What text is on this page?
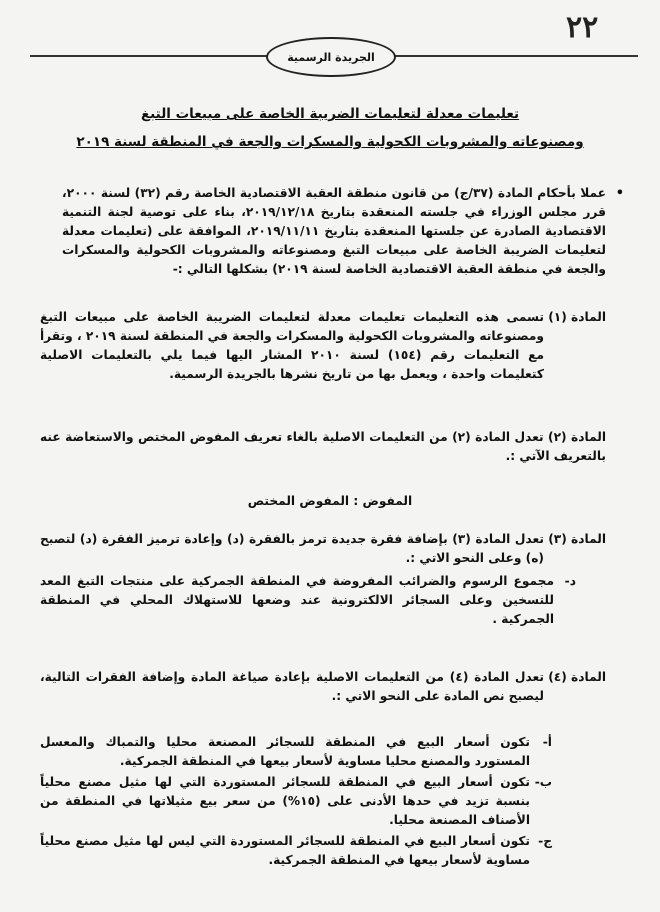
٢٢
الجريدة الرسمية
تعليمات معدلة لتعليمات الضريبة الخاصة على مبيعات التبغ
ومصنوعاته والمشروبات الكحولية والمسكرات والجعة في المنطقة لسنة ٢٠١٩
•
عملا بأحكام المادة (٣٧/ج) من قانون منطقة العقبة الاقتصادية الخاصة رقم (٣٢) لسنة ٢٠٠٠، قرر مجلس الوزراء في جلسته المنعقدة بتاريخ ٢٠١٩/١٢/١٨، بناء على توصية لجنة التنمية الاقتصادية الصادرة عن جلستها المنعقدة بتاريخ ٢٠١٩/١١/١١، الموافقة على (تعليمات معدلة لتعليمات الضريبة الخاصة على مبيعات التبغ ومصنوعاته والمشروبات الكحولية والمسكرات والجعة في منطقة العقبة الاقتصادية الخاصة لسنة ٢٠١٩) بشكلها التالي :-
المادة (١)
تسمى هذه التعليمات تعليمات معدلة لتعليمات الضريبة الخاصة على مبيعات التبغ ومصنوعاته والمشروبات الكحولية والمسكرات والجعة في المنطقة لسنة ٢٠١٩ ، وتقرأ مع التعليمات رقم (١٥٤) لسنة ٢٠١٠ المشار اليها فيما يلي بالتعليمات الاصلية كتعليمات واحدة ، ويعمل بها من تاريخ نشرها بالجريدة الرسمية.
المادة (٢) تعدل المادة (٢) من التعليمات الاصلية بالغاء تعريف المفوض المختص والاستعاضة عنه بالتعريف الآتي :.
المفوض : المفوض المختص
المادة (٣)
تعدل المادة (٣) بإضافة فقرة جديدة ترمز بالفقرة (د) وإعادة ترميز الفقرة (د) لتصبح (ه) وعلى النحو الاتي :.
د-
مجموع الرسوم والضرائب المفروضة في المنطقة الجمركية على منتجات التبغ المعد للتسخين وعلى السجائر الالكترونية عند وضعها للاستهلاك المحلي في المنطقة الجمركية .
المادة (٤)
تعدل المادة (٤) من التعليمات الاصلية بإعادة صياغة المادة وإضافة الفقرات التالية، ليصبح نص المادة على النحو الاتي :.
أ-
تكون أسعار البيع في المنطقة للسجائر المصنعة محليا والتمباك والمعسل المستورد والمصنع محليا مساوية لأسعار بيعها في المنطقة الجمركية.
ب-
تكون أسعار البيع في المنطقة للسجائر المستوردة التي لها مثيل مصنع محلياً بنسبة تزيد في حدها الأدنى على (١٥%) من سعر بيع مثيلاتها في المنطقة من الأصناف المصنعة محليا.
ج-
تكون أسعار البيع في المنطقة للسجائر المستوردة التي ليس لها مثيل مصنع محلياً مساوية لأسعار بيعها في المنطقة الجمركية.
